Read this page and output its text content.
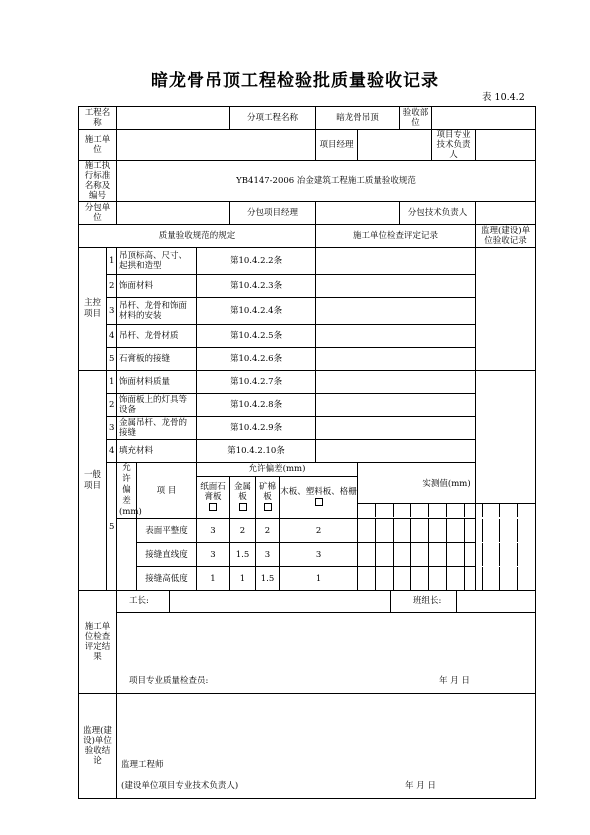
暗龙骨吊顶工程检验批质量验收记录
表 10.4.2
工程名称					分项工程名称			暗龙骨吊顶		验收部位		
施工单位								项目经理			项目专业技术负责人	
施工执行标准名称及编号		YB4147-2006 冶金建筑工程施工质量验收规范										
分包单位					分包项目经理					分包技术负责人		
质量验收规范的规定								施工单位检查评定记录				监理(建设)单位验收记录
主控项目	1	吊顶标高、尺寸、起拱和造型		第10.4.2.2条								
	2	饰面材料		第10.4.2.3条								
	3	吊杆、龙骨和饰面材料的安装		第10.4.2.4条								
	4	吊杆、龙骨材质		第10.4.2.5条								
	5	石膏板的接缝		第10.4.2.6条								
一般项目	1	饰面材料质量		第10.4.2.7条								
	2	饰面板上的灯具等设备		第10.4.2.8条								
	3	金属吊杆、龙骨的接缝		第10.4.2.9条								
	4	填充材料		第10.4.2.10条								
	5	允许偏差(mm)	项 目	允许偏差(mm)					实测值(mm)			

				纸面石膏板	金属板	矿棉板	木板、塑料板、格栅					

			表面平整度	3	2	2	2					

			接缝直线度	3	1.5	3	3					

			接缝高低度	1	1	1.5	1					

施工单位检查评定结果		工长: 班组长:
项目专业质量检查员: 年 月 日										

监理(建设)单位验收结论		监理工程师
(建设单位项目专业技术负责人) 年 月 日										
